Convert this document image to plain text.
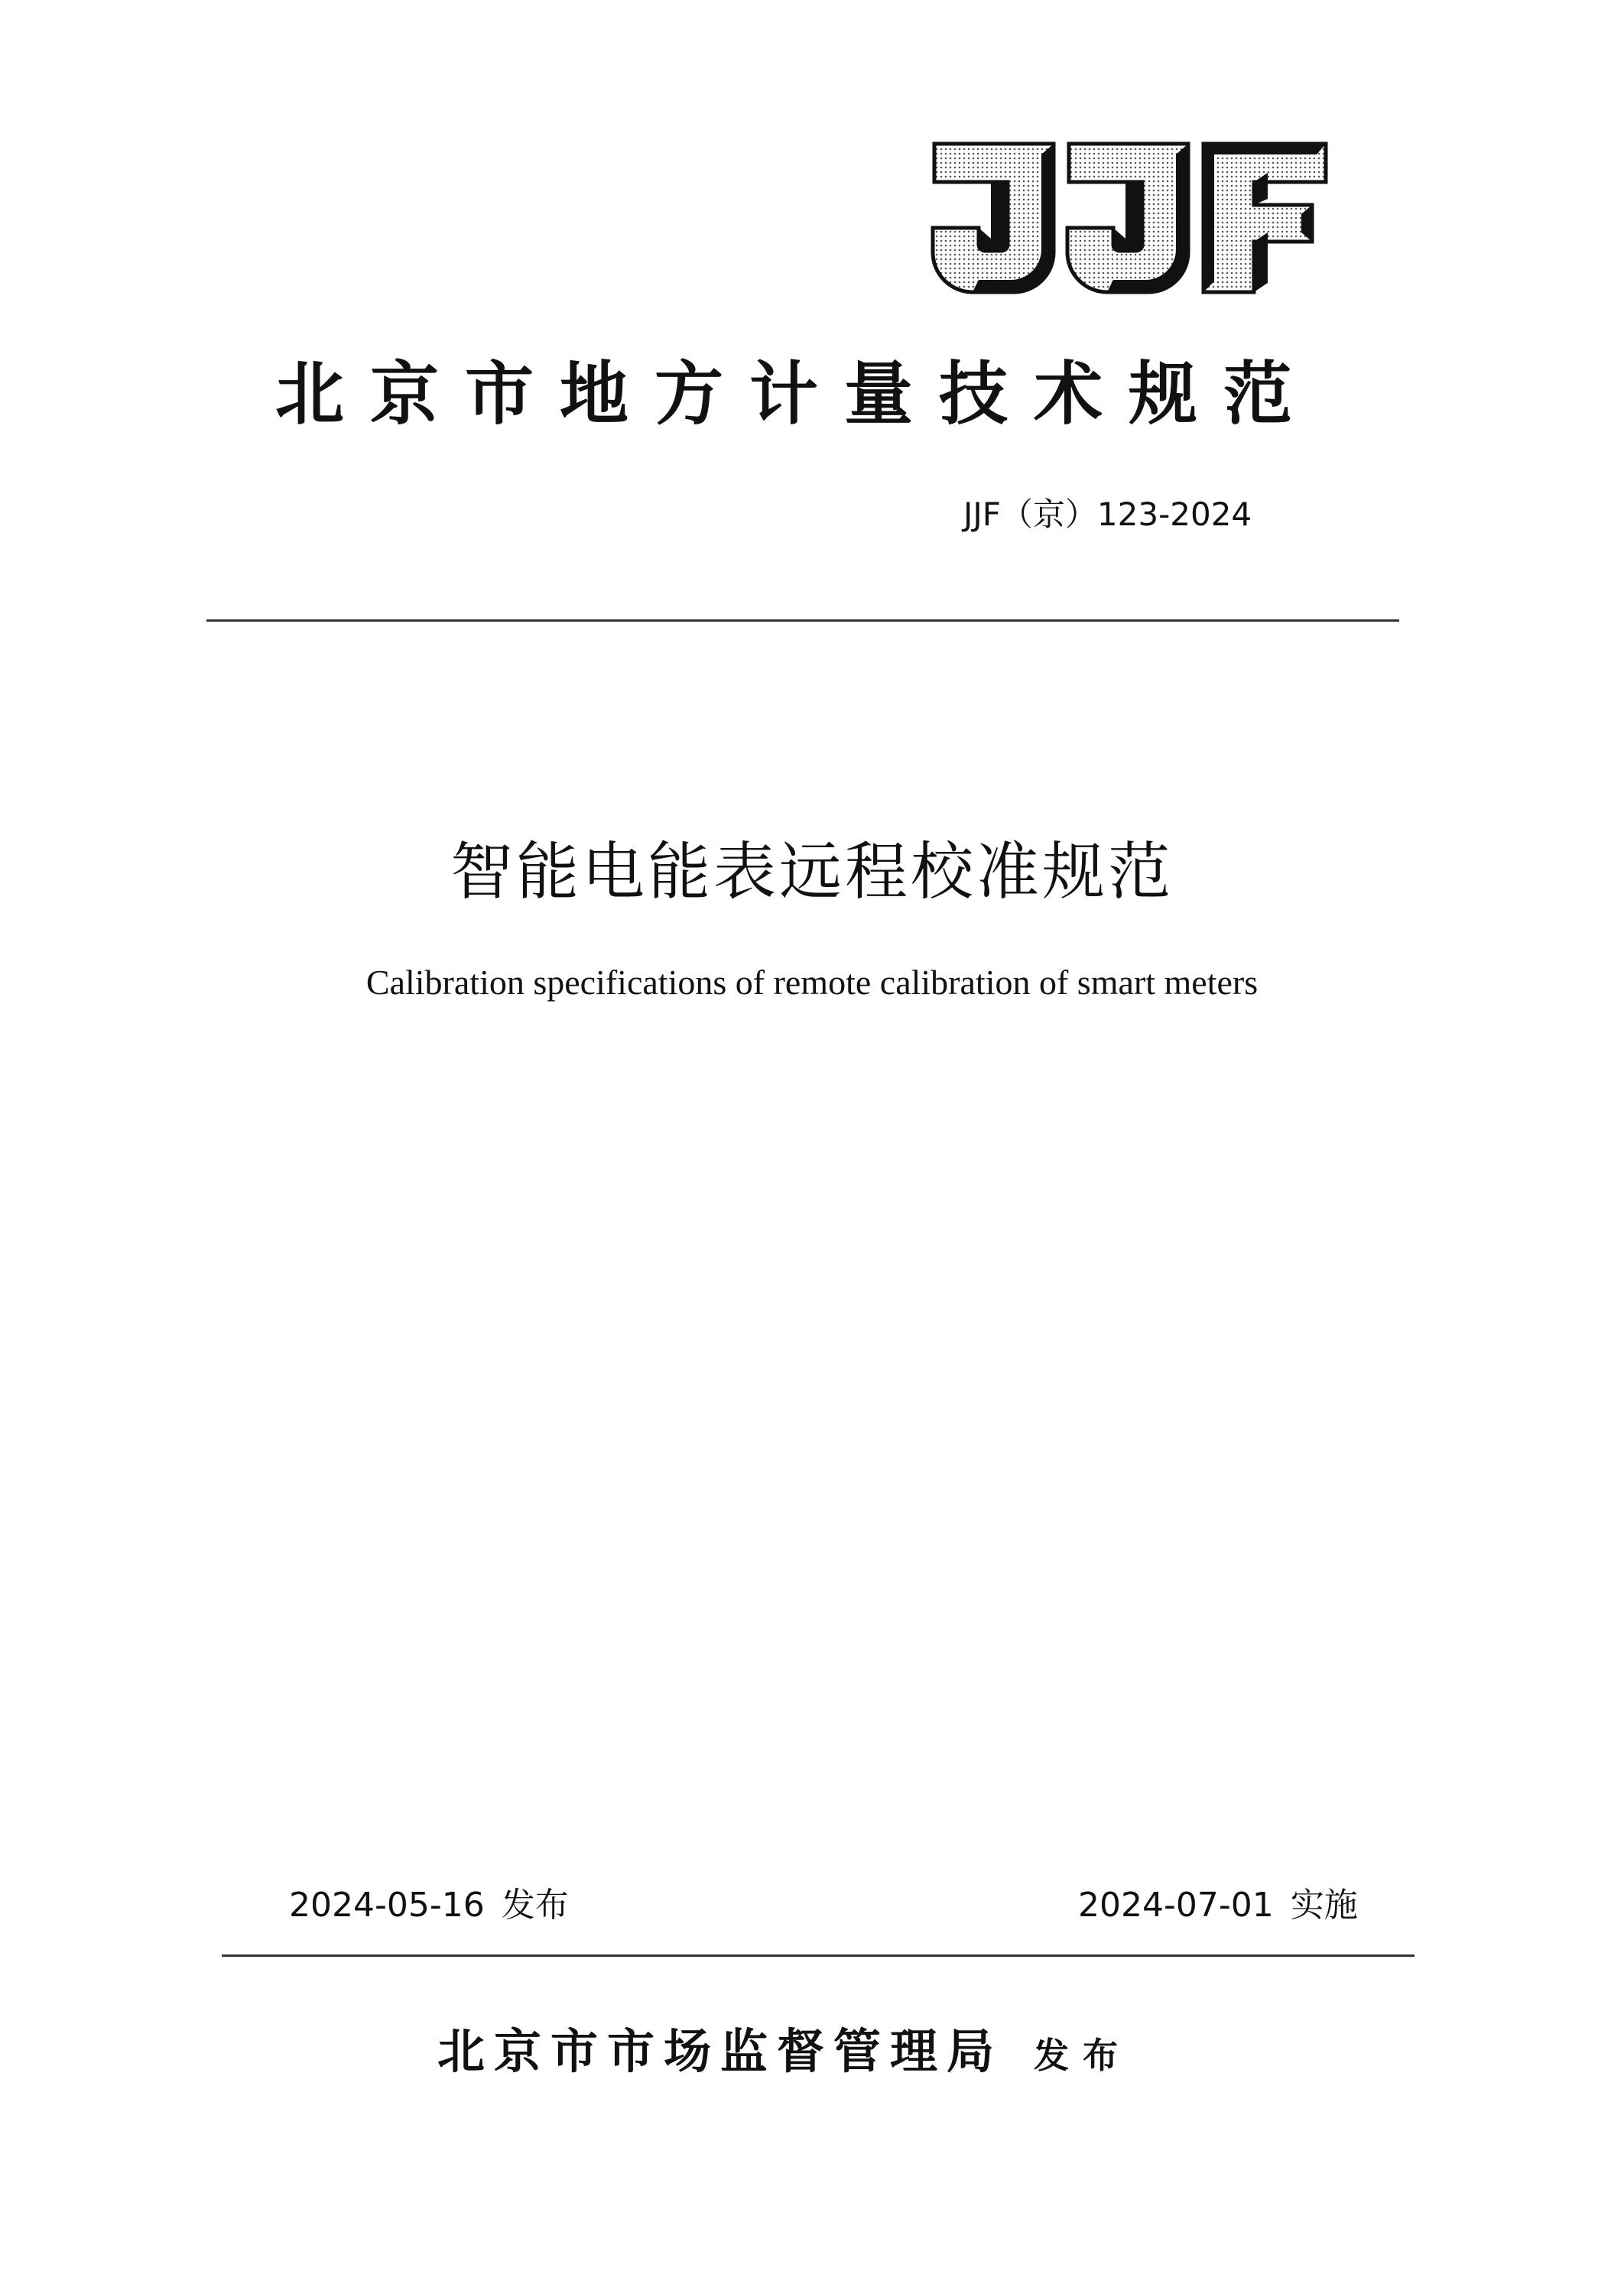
北京市地方计量技术规范
JJF（京）123-2024
智能电能表远程校准规范
Calibration specifications of remote calibration of smart meters
2024-05-16 发布	2024-07-01 实施
北京市市场监督管理局 发布
